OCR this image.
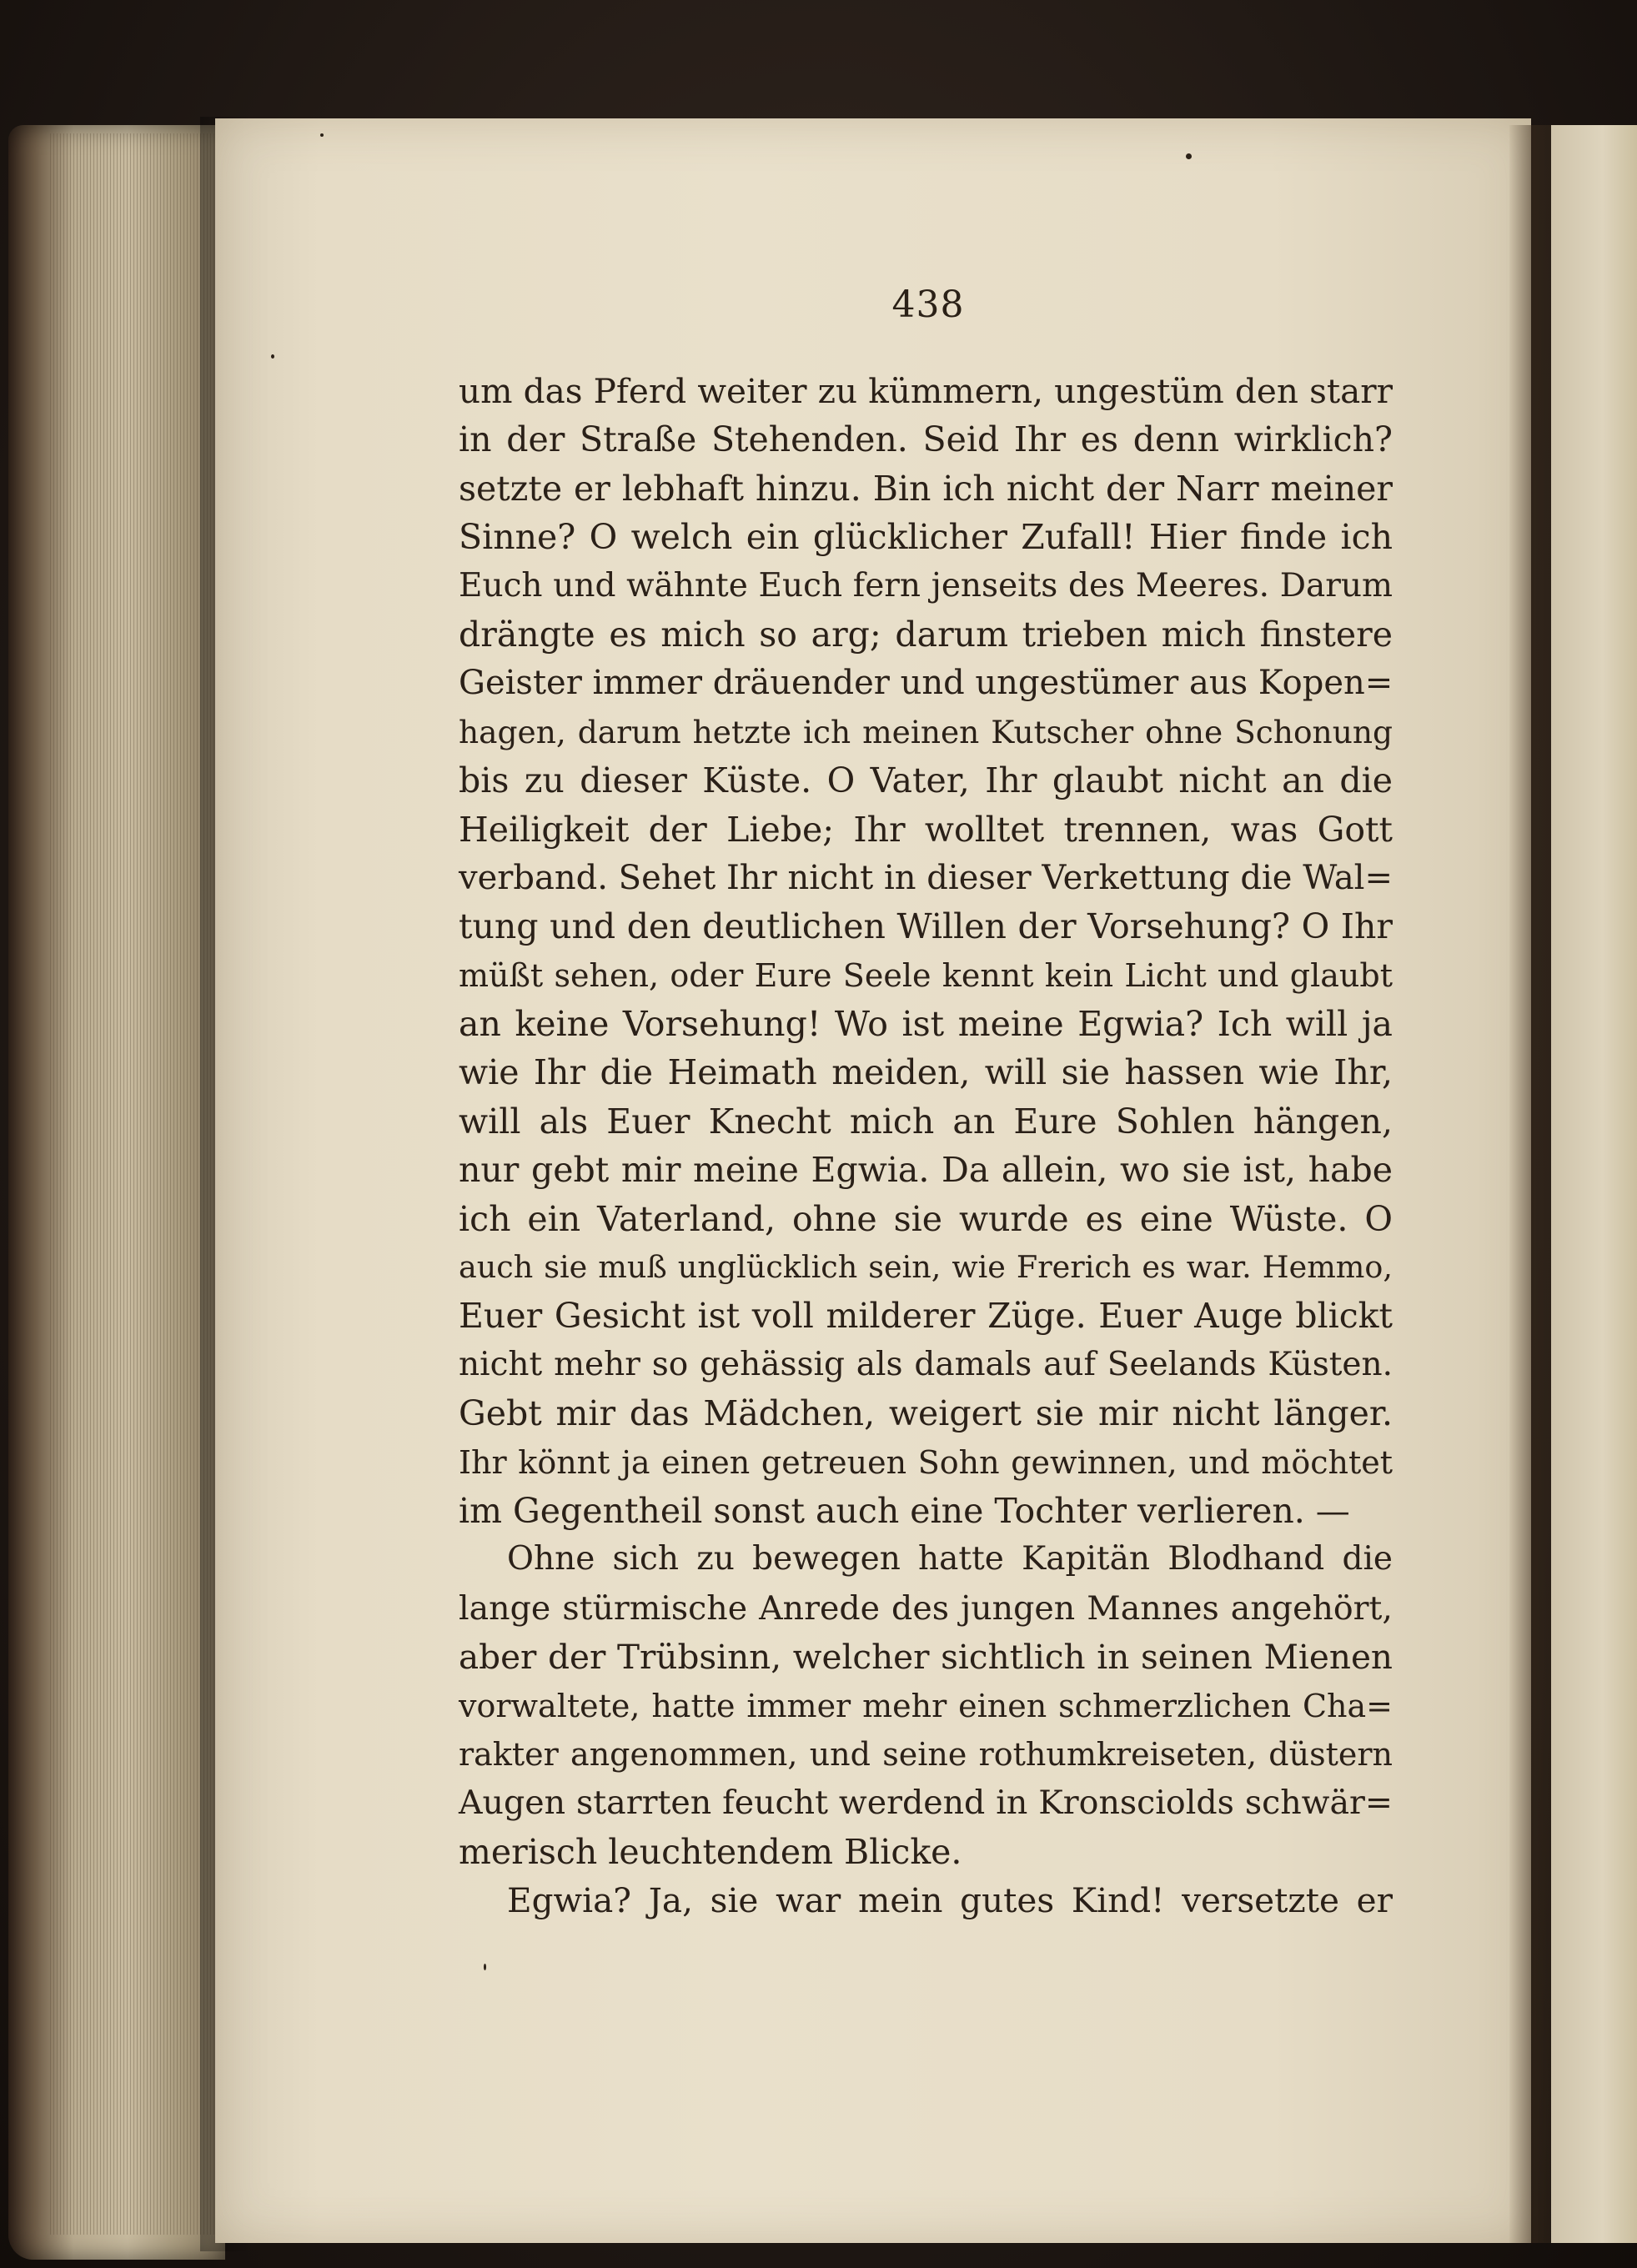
438
um das Pferd weiter zu kümmern, ungestüm den starr
in der Straße Stehenden. Seid Ihr es denn wirklich?
setzte er lebhaft hinzu. Bin ich nicht der Narr meiner
Sinne? O welch ein glücklicher Zufall! Hier finde ich
Euch und wähnte Euch fern jenseits des Meeres. Darum
drängte es mich so arg; darum trieben mich finstere
Geister immer dräuender und ungestümer aus Kopen=
hagen, darum hetzte ich meinen Kutscher ohne Schonung
bis zu dieser Küste. O Vater, Ihr glaubt nicht an die
Heiligkeit der Liebe; Ihr wolltet trennen, was Gott
verband. Sehet Ihr nicht in dieser Verkettung die Wal=
tung und den deutlichen Willen der Vorsehung? O Ihr
müßt sehen, oder Eure Seele kennt kein Licht und glaubt
an keine Vorsehung! Wo ist meine Egwia? Ich will ja
wie Ihr die Heimath meiden, will sie hassen wie Ihr,
will als Euer Knecht mich an Eure Sohlen hängen,
nur gebt mir meine Egwia. Da allein, wo sie ist, habe
ich ein Vaterland, ohne sie wurde es eine Wüste. O
auch sie muß unglücklich sein, wie Frerich es war. Hemmo,
Euer Gesicht ist voll milderer Züge. Euer Auge blickt
nicht mehr so gehässig als damals auf Seelands Küsten.
Gebt mir das Mädchen, weigert sie mir nicht länger.
Ihr könnt ja einen getreuen Sohn gewinnen, und möchtet
im Gegentheil sonst auch eine Tochter verlieren. —
Ohne sich zu bewegen hatte Kapitän Blodhand die
lange stürmische Anrede des jungen Mannes angehört,
aber der Trübsinn, welcher sichtlich in seinen Mienen
vorwaltete, hatte immer mehr einen schmerzlichen Cha=
rakter angenommen, und seine rothumkreiseten, düstern
Augen starrten feucht werdend in Kronsciolds schwär=
merisch leuchtendem Blicke.
Egwia? Ja, sie war mein gutes Kind! versetzte er
